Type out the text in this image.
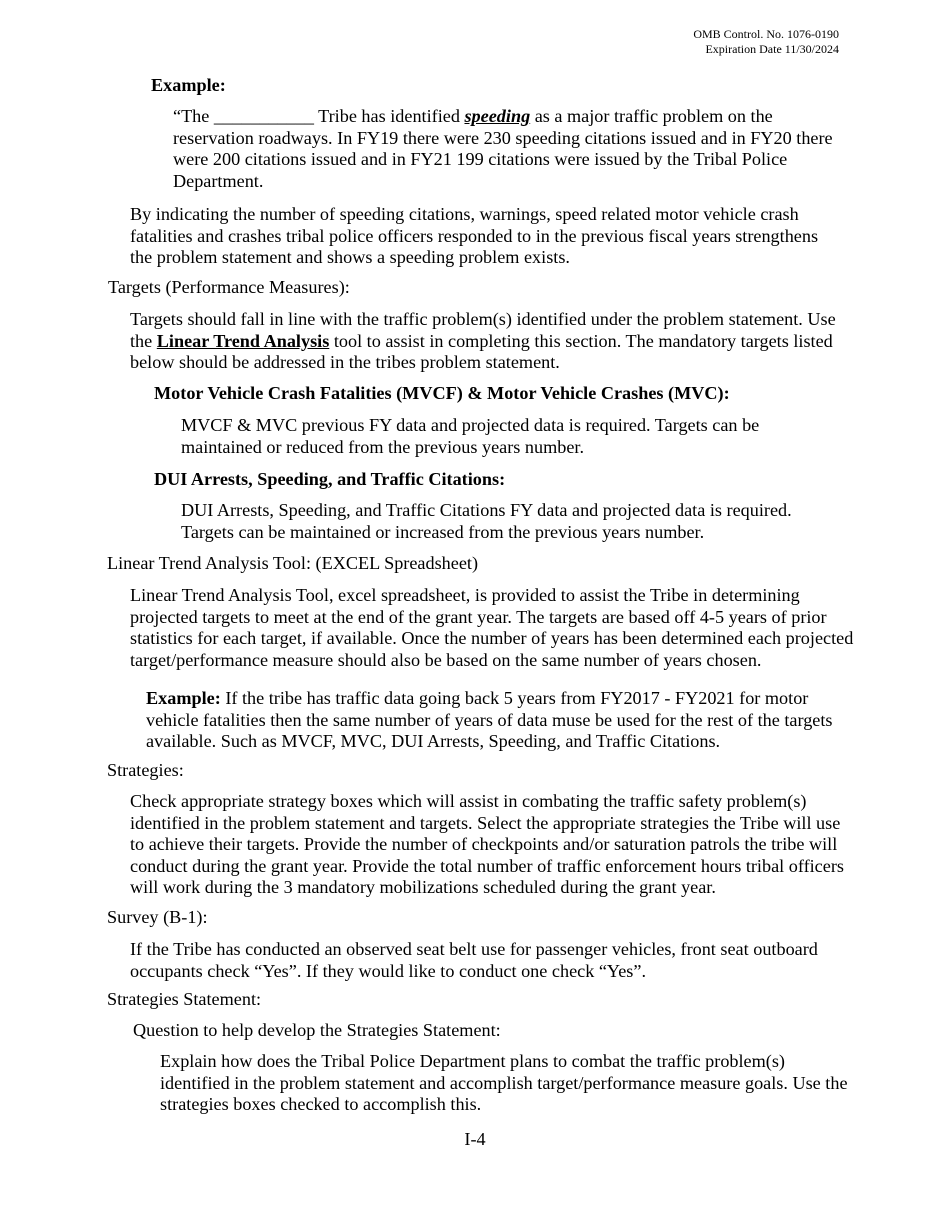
OMB Control. No. 1076-0190
Expiration Date 11/30/2024
Example:

“The ___________ Tribe has identified speeding as a major traffic problem on the reservation roadways. In FY19 there were 230 speeding citations issued and in FY20 there were 200 citations issued and in FY21 199 citations were issued by the Tribal Police Department.

By indicating the number of speeding citations, warnings, speed related motor vehicle crash fatalities and crashes tribal police officers responded to in the previous fiscal years strengthens the problem statement and shows a speeding problem exists.

Targets (Performance Measures):

Targets should fall in line with the traffic problem(s) identified under the problem statement. Use the Linear Trend Analysis tool to assist in completing this section. The mandatory targets listed below should be addressed in the tribes problem statement.

Motor Vehicle Crash Fatalities (MVCF) & Motor Vehicle Crashes (MVC):

MVCF & MVC previous FY data and projected data is required. Targets can be maintained or reduced from the previous years number.

DUI Arrests, Speeding, and Traffic Citations:

DUI Arrests, Speeding, and Traffic Citations FY data and projected data is required. Targets can be maintained or increased from the previous years number.

Linear Trend Analysis Tool: (EXCEL Spreadsheet)

Linear Trend Analysis Tool, excel spreadsheet, is provided to assist the Tribe in determining projected targets to meet at the end of the grant year. The targets are based off 4-5 years of prior statistics for each target, if available. Once the number of years has been determined each projected target/performance measure should also be based on the same number of years chosen.

Example: If the tribe has traffic data going back 5 years from FY2017 - FY2021 for motor vehicle fatalities then the same number of years of data muse be used for the rest of the targets available. Such as MVCF, MVC, DUI Arrests, Speeding, and Traffic Citations.

Strategies:

Check appropriate strategy boxes which will assist in combating the traffic safety problem(s) identified in the problem statement and targets. Select the appropriate strategies the Tribe will use to achieve their targets. Provide the number of checkpoints and/or saturation patrols the tribe will conduct during the grant year. Provide the total number of traffic enforcement hours tribal officers will work during the 3 mandatory mobilizations scheduled during the grant year.

Survey (B-1):

If the Tribe has conducted an observed seat belt use for passenger vehicles, front seat outboard occupants check “Yes”. If they would like to conduct one check “Yes”.

Strategies Statement:
Question to help develop the Strategies Statement:

Explain how does the Tribal Police Department plans to combat the traffic problem(s) identified in the problem statement and accomplish target/performance measure goals. Use the strategies boxes checked to accomplish this.

I-4
